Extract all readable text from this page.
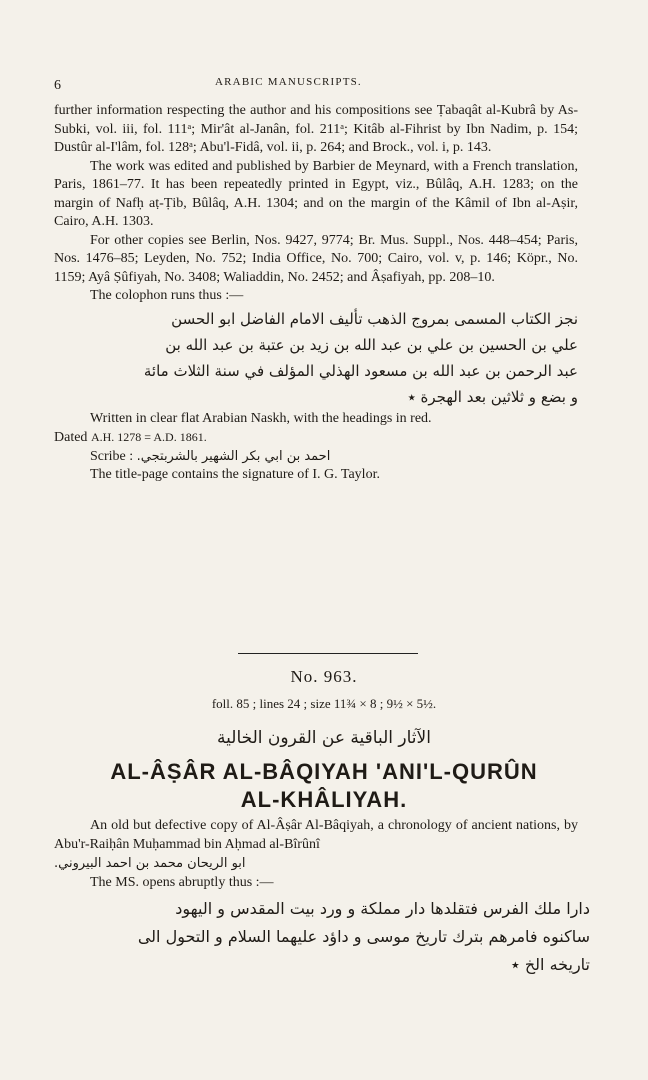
6	ARABIC MANUSCRIPTS.

further information respecting the author and his compositions see Ṭabaqât al-Kubrâ by As-Subki, vol. iii, fol. 111ᵃ; Mir'ât al-Janân, fol. 211ᵃ; Kitâb al-Fihrist by Ibn Nadim, p. 154; Dustûr al-I'lâm, fol. 128ᵃ; Abu'l-Fidâ, vol. ii, p. 264; and Brock., vol. i, p. 143.

The work was edited and published by Barbier de Meynard, with a French translation, Paris, 1861–77. It has been repeatedly printed in Egypt, viz., Bûlâq, A.H. 1283; on the margin of Nafḥ aṭ-Ṭib, Bûlâq, A.H. 1304; and on the margin of the Kâmil of Ibn al-Aṣir, Cairo, A.H. 1303.

For other copies see Berlin, Nos. 9427, 9774; Br. Mus. Suppl., Nos. 448–454; Paris, Nos. 1476–85; Leyden, No. 752; India Office, No. 700; Cairo, vol. v, p. 146; Köpr., No. 1159; Ayâ Ṣûfiyah, No. 3408; Waliaddin, No. 2452; and Âṣafiyah, pp. 208–10.

The colophon runs thus :—

نجز الكتاب المسمى بمروج الذهب تأليف الامام الفاضل ابو الحسن
علي بن الحسين بن علي بن عبد الله بن زيد بن عتبة بن عبد الله بن
عبد الرحمن بن عبد الله بن مسعود الهذلي المؤلف في سنة الثلاث مائة
و بضع و ثلاثين بعد الهجرة ٭

Written in clear flat Arabian Naskh, with the headings in red.

Dated A.H. 1278 = A.D. 1861.

Scribe : احمد بن ابي بكر الشهير بالشربتجي.

The title-page contains the signature of I. G. Taylor.

No. 963.
foll. 85 ; lines 24 ; size 11¾ × 8 ; 9½ × 5½.
الآثار الباقية عن القرون الخالية
AL-ÂṢÂR AL-BÂQIYAH 'ANI'L-QURÛN
AL-KHÂLIYAH.

An old but defective copy of Al-Âṣâr Al-Bâqiyah, a chronology of ancient nations, by Abu'r-Raiḥân Muḥammad bin Aḥmad al-Bîrûnî

ابو الريحان محمد بن احمد البيروني.

The MS. opens abruptly thus :—

دارا ملك الفرس فتقلدها دار مملكة و ورد بيت المقدس و اليهود
ساكنوه فامرهم بترك تاريخ موسى و داؤد عليهما السلام و التحول الى
تاريخه الخ ٭
